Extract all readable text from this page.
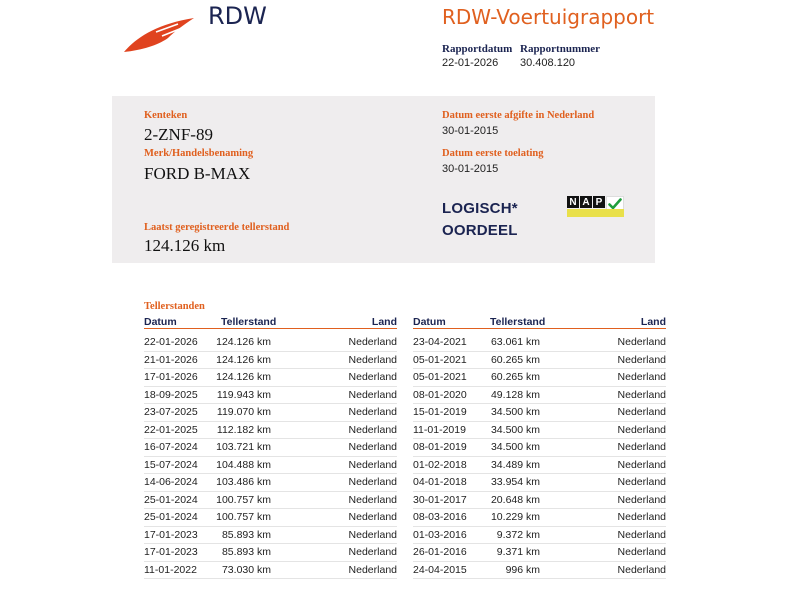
RDW	RDW-Voertuigrapport
Rapportdatum
22-01-2026
Rapportnummer
30.408.120
Kenteken
2-ZNF-89
Merk/Handelsbenaming
FORD B-MAX
Laatst geregistreerde tellerstand
124.126 km
Datum eerste afgifte in Nederland
30-01-2015
Datum eerste toelating
30-01-2015
LOGISCH*
OORDEEL
N A P
Tellerstanden
Datum	Tellerstand	Land
22-01-2026 124.126 km	Nederland
21-01-2026 124.126 km	Nederland
17-01-2026 124.126 km	Nederland
18-09-2025 119.943 km	Nederland
23-07-2025 119.070 km	Nederland
22-01-2025 112.182 km	Nederland
16-07-2024 103.721 km	Nederland
15-07-2024 104.488 km	Nederland
14-06-2024 103.486 km	Nederland
25-01-2024 100.757 km	Nederland
25-01-2024 100.757 km	Nederland
17-01-2023 85.893 km	Nederland
17-01-2023 85.893 km	Nederland
11-01-2022 73.030 km	Nederland
Datum	Tellerstand	Land
23-04-2021 63.061 km	Nederland
05-01-2021 60.265 km	Nederland
05-01-2021 60.265 km	Nederland
08-01-2020 49.128 km	Nederland
15-01-2019 34.500 km	Nederland
11-01-2019 34.500 km	Nederland
08-01-2019 34.500 km	Nederland
01-02-2018 34.489 km	Nederland
04-01-2018 33.954 km	Nederland
30-01-2017 20.648 km	Nederland
08-03-2016 10.229 km	Nederland
01-03-2016	9.372 km	Nederland
26-01-2016	9.371 km	Nederland
24-04-2015	996 km	Nederland
